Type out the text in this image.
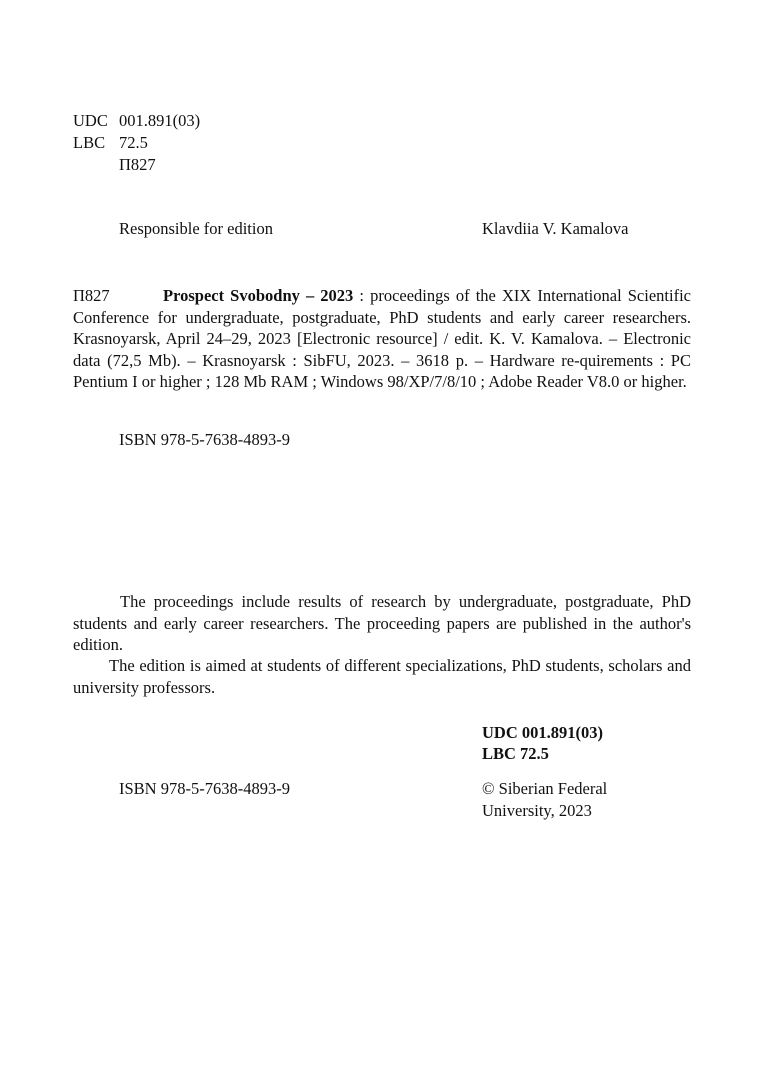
UDC 001.891(03)
LBC 72.5
П827
Responsible for edition	Klavdiia V. Kamalova
П827	Prospect Svobodny – 2023 : proceedings of the XIX International Scientific Conference for undergraduate, postgraduate, PhD students and early career researchers. Krasnoyarsk, April 24–29, 2023 [Electronic resource] / edit. K. V. Kamalova. – Electronic data (72,5 Mb). – Krasnoyarsk : SibFU, 2023. – 3618 p. – Hardware re-quirements : PC Pentium I or higher ; 128 Mb RAM ; Windows 98/XP/7/8/10 ; Adobe Reader V8.0 or higher.
ISBN 978-5-7638-4893-9

The proceedings include results of research by undergraduate, postgraduate, PhD students and early career researchers. The proceeding papers are published in the author's edition.

The edition is aimed at students of different specializations, PhD students, scholars and university professors.

UDC 001.891(03)
LBC 72.5
ISBN 978-5-7638-4893-9	© Siberian Federal
University, 2023
